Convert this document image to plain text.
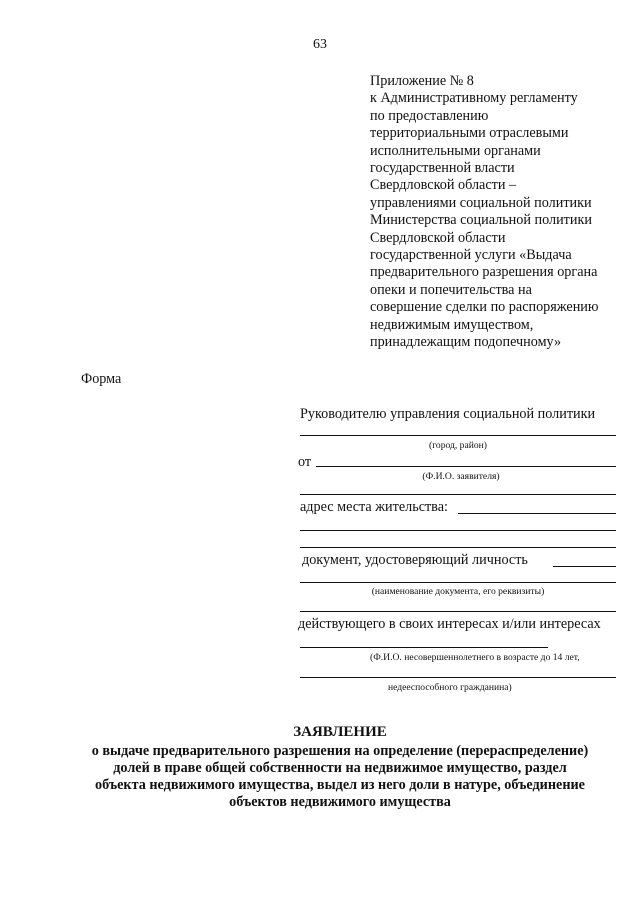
63
Приложение № 8
к Административному регламенту
по предоставлению
территориальными отраслевыми
исполнительными органами
государственной власти
Свердловской области –
управлениями социальной политики
Министерства социальной политики
Свердловской области
государственной услуги «Выдача
предварительного разрешения органа
опеки и попечительства на
совершение сделки по распоряжению
недвижимым имуществом,
принадлежащим подопечному»
Форма
Руководителю управления социальной политики
(город, район)
от
(Ф.И.О. заявителя)
адрес места жительства:
документ, удостоверяющий личность
(наименование документа, его реквизиты)
действующего в своих интересах и/или интересах
(Ф.И.О. несовершеннолетнего в возрасте до 14 лет,
недееспособного гражданина)
ЗАЯВЛЕНИЕ
о выдаче предварительного разрешения на определение (перераспределение)
долей в праве общей собственности на недвижимое имущество, раздел
объекта недвижимого имущества, выдел из него доли в натуре, объединение
объектов недвижимого имущества
